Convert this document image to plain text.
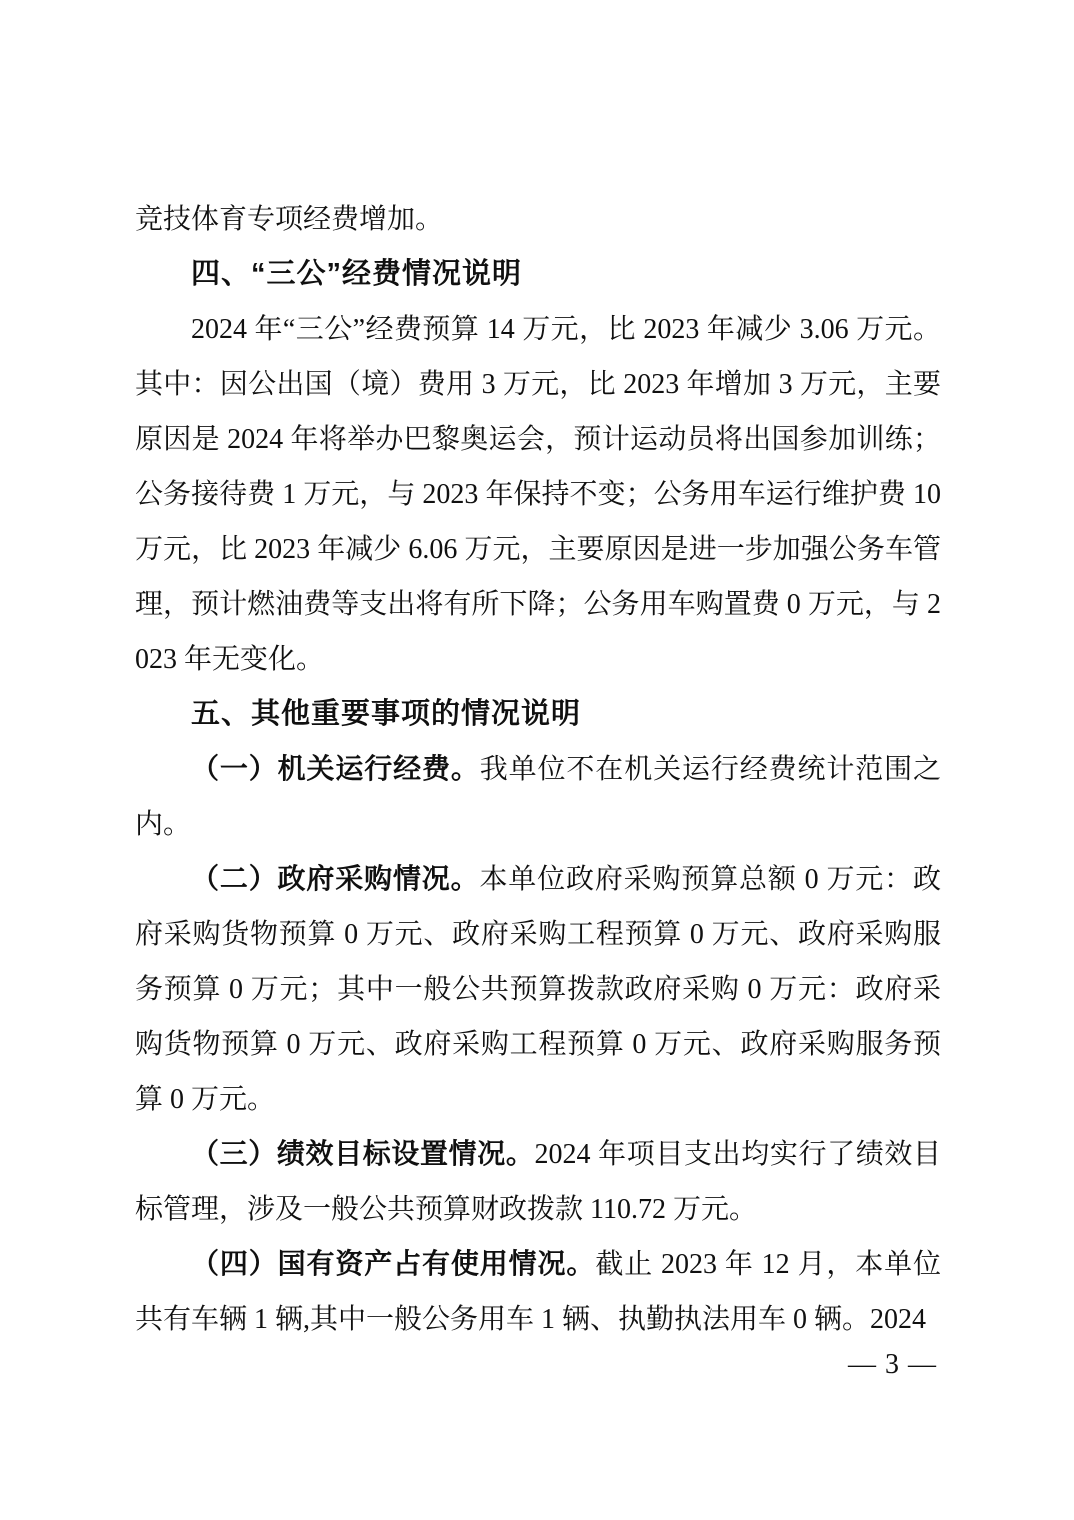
竞技体育专项经费增加。

四、“三公”经费情况说明

2024 年“三公”经费预算 14 万元，比 2023 年减少 3.06 万元。其中：因公出国（境）费用 3 万元，比 2023 年增加 3 万元，主要原因是 2024 年将举办巴黎奥运会，预计运动员将出国参加训练；公务接待费 1 万元，与 2023 年保持不变；公务用车运行维护费 10 万元，比 2023 年减少 6.06 万元，主要原因是进一步加强公务车管理，预计燃油费等支出将有所下降；公务用车购置费 0 万元，与 2023 年无变化。

五、其他重要事项的情况说明

（一）机关运行经费。我单位不在机关运行经费统计范围之内。

（二）政府采购情况。本单位政府采购预算总额 0 万元：政府采购货物预算 0 万元、政府采购工程预算 0 万元、政府采购服务预算 0 万元；其中一般公共预算拨款政府采购 0 万元：政府采购货物预算 0 万元、政府采购工程预算 0 万元、政府采购服务预算 0 万元。

（三）绩效目标设置情况。2024 年项目支出均实行了绩效目标管理，涉及一般公共预算财政拨款 110.72 万元。

（四）国有资产占有使用情况。截止 2023 年 12 月，本单位共有车辆 1 辆,其中一般公务用车 1 辆、执勤执法用车 0 辆。2024

— 3 —
